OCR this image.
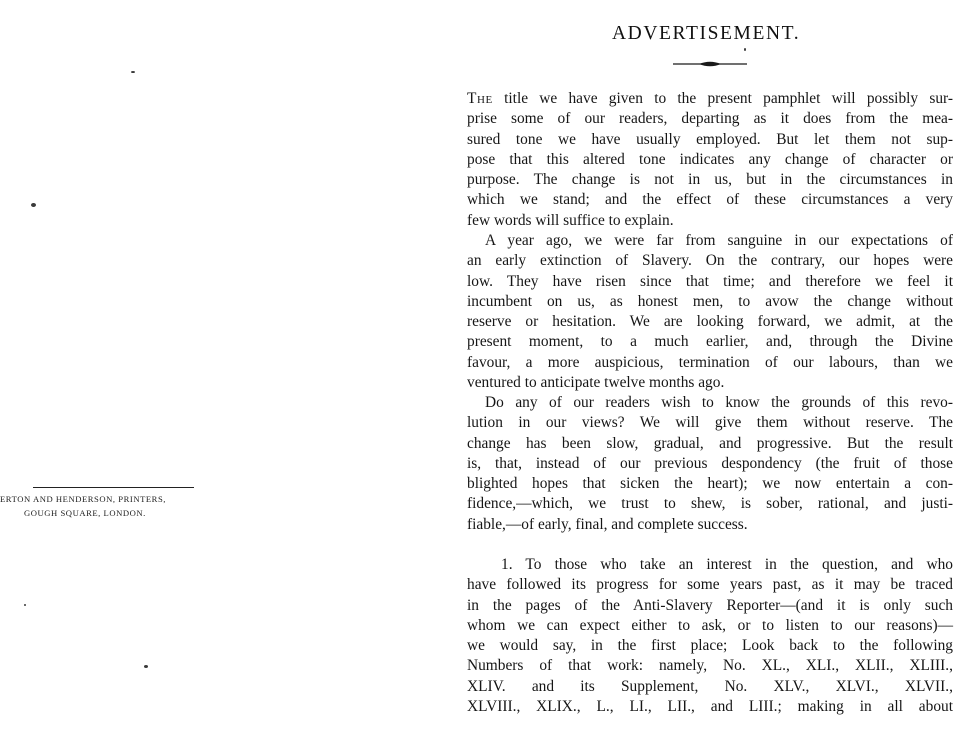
ERTON AND HENDERSON, PRINTERS,
GOUGH SQUARE, LONDON.
ADVERTISEMENT.
The title we have given to the present pamphlet will possibly sur-
prise some of our readers, departing as it does from the mea-
sured tone we have usually employed. But let them not sup-
pose that this altered tone indicates any change of character or
purpose. The change is not in us, but in the circumstances in
which we stand; and the effect of these circumstances a very
few words will suffice to explain.
A year ago, we were far from sanguine in our expectations of
an early extinction of Slavery. On the contrary, our hopes were
low. They have risen since that time; and therefore we feel it
incumbent on us, as honest men, to avow the change without
reserve or hesitation. We are looking forward, we admit, at the
present moment, to a much earlier, and, through the Divine
favour, a more auspicious, termination of our labours, than we
ventured to anticipate twelve months ago.
Do any of our readers wish to know the grounds of this revo-
lution in our views? We will give them without reserve. The
change has been slow, gradual, and progressive. But the result
is, that, instead of our previous despondency (the fruit of those
blighted hopes that sicken the heart); we now entertain a con-
fidence,—which, we trust to shew, is sober, rational, and justi-
fiable,—of early, final, and complete success.
1. To those who take an interest in the question, and who
have followed its progress for some years past, as it may be traced
in the pages of the Anti-Slavery Reporter—(and it is only such
whom we can expect either to ask, or to listen to our reasons)—
we would say, in the first place; Look back to the following
Numbers of that work: namely, No. XL., XLI., XLII., XLIII.,
XLIV. and its Supplement, No. XLV., XLVI., XLVII.,
XLVIII., XLIX., L., LI., LII., and LIII.; making in all about
